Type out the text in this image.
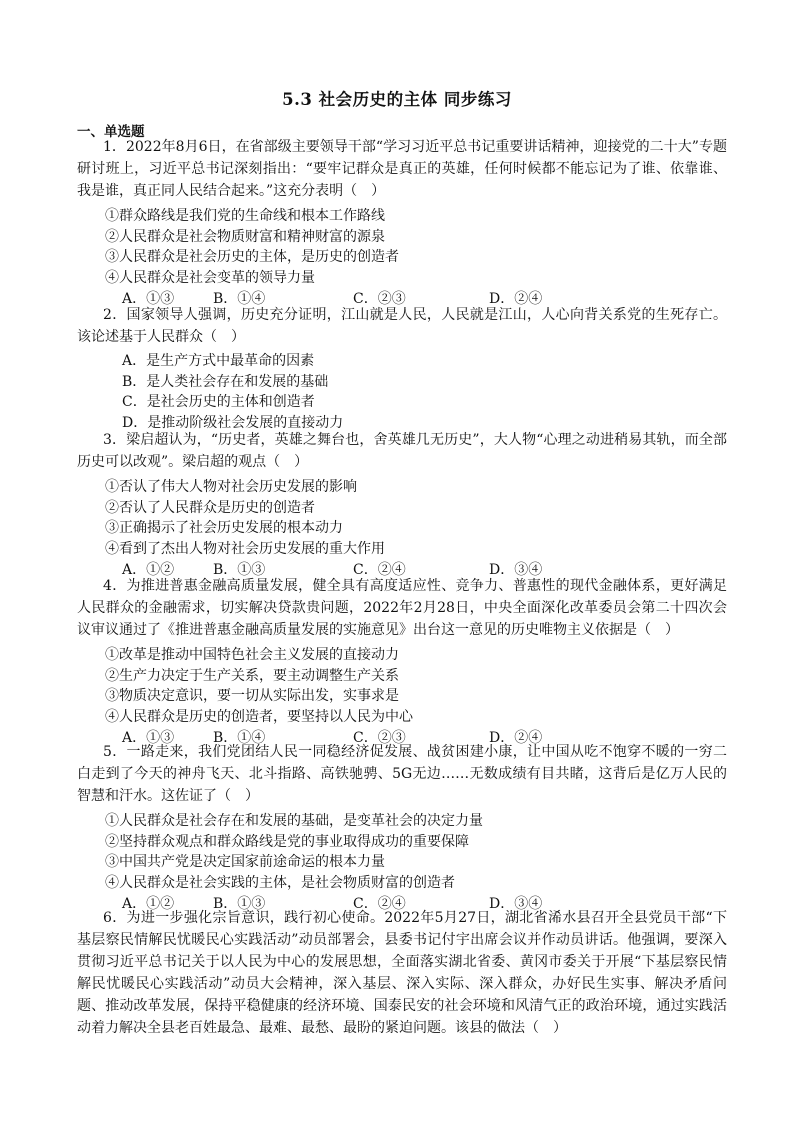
5.3 社会历史的主体 同步练习
一、单选题

1．2022年8月6日，在省部级主要领导干部“学习习近平总书记重要讲话精神，迎接党的二十大”专题研讨班上，习近平总书记深刻指出：“要牢记群众是真正的英雄，任何时候都不能忘记为了谁、依靠谁、我是谁，真正同人民结合起来。”这充分表明（　）

①群众路线是我们党的生命线和根本工作路线
②人民群众是社会物质财富和精神财富的源泉
③人民群众是社会历史的主体，是历史的创造者
④人民群众是社会变革的领导力量
A．①③	B．①④	C．②③	D．②④

2．国家领导人强调，历史充分证明，江山就是人民，人民就是江山，人心向背关系党的生死存亡。该论述基于人民群众（　）

A．是生产方式中最革命的因素
B．是人类社会存在和发展的基础
C．是社会历史的主体和创造者
D．是推动阶级社会发展的直接动力

3．梁启超认为，“历史者，英雄之舞台也，舍英雄几无历史”，大人物“心理之动进稍易其轨，而全部历史可以改观”。梁启超的观点（　）

①否认了伟大人物对社会历史发展的影响
②否认了人民群众是历史的创造者
③正确揭示了社会历史发展的根本动力
④看到了杰出人物对社会历史发展的重大作用
A．①②	B．①③	C．②④	D．③④

4．为推进普惠金融高质量发展，健全具有高度适应性、竞争力、普惠性的现代金融体系，更好满足人民群众的金融需求，切实解决贷款贵问题，2022年2月28日，中央全面深化改革委员会第二十四次会议审议通过了《推进普惠金融高质量发展的实施意见》出台这一意见的历史唯物主义依据是（　）

①改革是推动中国特色社会主义发展的直接动力
②生产力决定于生产关系，要主动调整生产关系
③物质决定意识，要一切从实际出发，实事求是
④人民群众是历史的创造者，要坚持以人民为中心
A．①③	B．①④	C．②③	D．②④

5．一路走来，我们党团结人民一同稳经济促发展、战贫困建小康，让中国从吃不饱穿不暖的一穷二白走到了今天的神舟飞天、北斗指路、高铁驰骋、5G无边……无数成绩有目共睹，这背后是亿万人民的智慧和汗水。这佐证了（　）

①人民群众是社会存在和发展的基础，是变革社会的决定力量
②坚持群众观点和群众路线是党的事业取得成功的重要保障
③中国共产党是决定国家前途命运的根本力量
④人民群众是社会实践的主体，是社会物质财富的创造者
A．①②	B．①③	C．②④	D．③④

6．为进一步强化宗旨意识，践行初心使命。2022年5月27日，湖北省浠水县召开全县党员干部“下基层察民情解民忧暖民心实践活动”动员部署会，县委书记付宇出席会议并作动员讲话。他强调，要深入贯彻习近平总书记关于以人民为中心的发展思想，全面落实湖北省委、黄冈市委关于开展“下基层察民情解民忧暖民心实践活动”动员大会精神，深入基层、深入实际、深入群众，办好民生实事、解决矛盾问题、推动改革发展，保持平稳健康的经济环境、国泰民安的社会环境和风清气正的政治环境，通过实践活动着力解决全县老百姓最急、最难、最愁、最盼的紧迫问题。该县的做法（　）
